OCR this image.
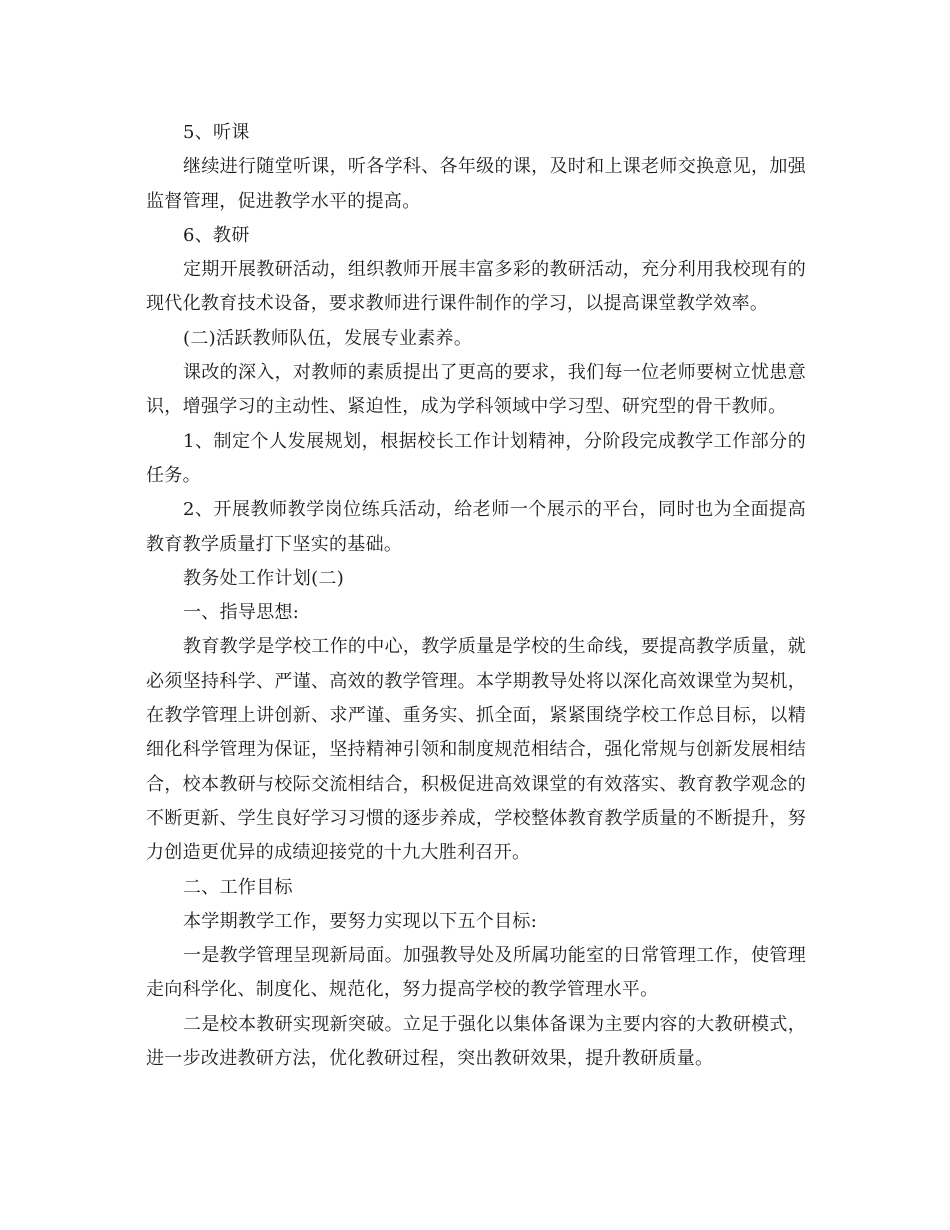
5、听课

继续进行随堂听课，听各学科、各年级的课，及时和上课老师交换意见，加强监督管理，促进教学水平的提高。

6、教研

定期开展教研活动，组织教师开展丰富多彩的教研活动，充分利用我校现有的现代化教育技术设备，要求教师进行课件制作的学习，以提高课堂教学效率。

(二)活跃教师队伍，发展专业素养。

课改的深入，对教师的素质提出了更高的要求，我们每一位老师要树立忧患意识，增强学习的主动性、紧迫性，成为学科领域中学习型、研究型的骨干教师。

1、制定个人发展规划，根据校长工作计划精神，分阶段完成教学工作部分的任务。

2、开展教师教学岗位练兵活动，给老师一个展示的平台，同时也为全面提高教育教学质量打下坚实的基础。

教务处工作计划(二)

一、指导思想:

教育教学是学校工作的中心，教学质量是学校的生命线，要提高教学质量，就必须坚持科学、严谨、高效的教学管理。本学期教导处将以深化高效课堂为契机，在教学管理上讲创新、求严谨、重务实、抓全面，紧紧围绕学校工作总目标，以精细化科学管理为保证，坚持精神引领和制度规范相结合，强化常规与创新发展相结合，校本教研与校际交流相结合，积极促进高效课堂的有效落实、教育教学观念的不断更新、学生良好学习习惯的逐步养成，学校整体教育教学质量的不断提升，努力创造更优异的成绩迎接党的十九大胜利召开。

二、工作目标

本学期教学工作，要努力实现以下五个目标:

一是教学管理呈现新局面。加强教导处及所属功能室的日常管理工作，使管理走向科学化、制度化、规范化，努力提高学校的教学管理水平。

二是校本教研实现新突破。立足于强化以集体备课为主要内容的大教研模式，进一步改进教研方法，优化教研过程，突出教研效果，提升教研质量。
